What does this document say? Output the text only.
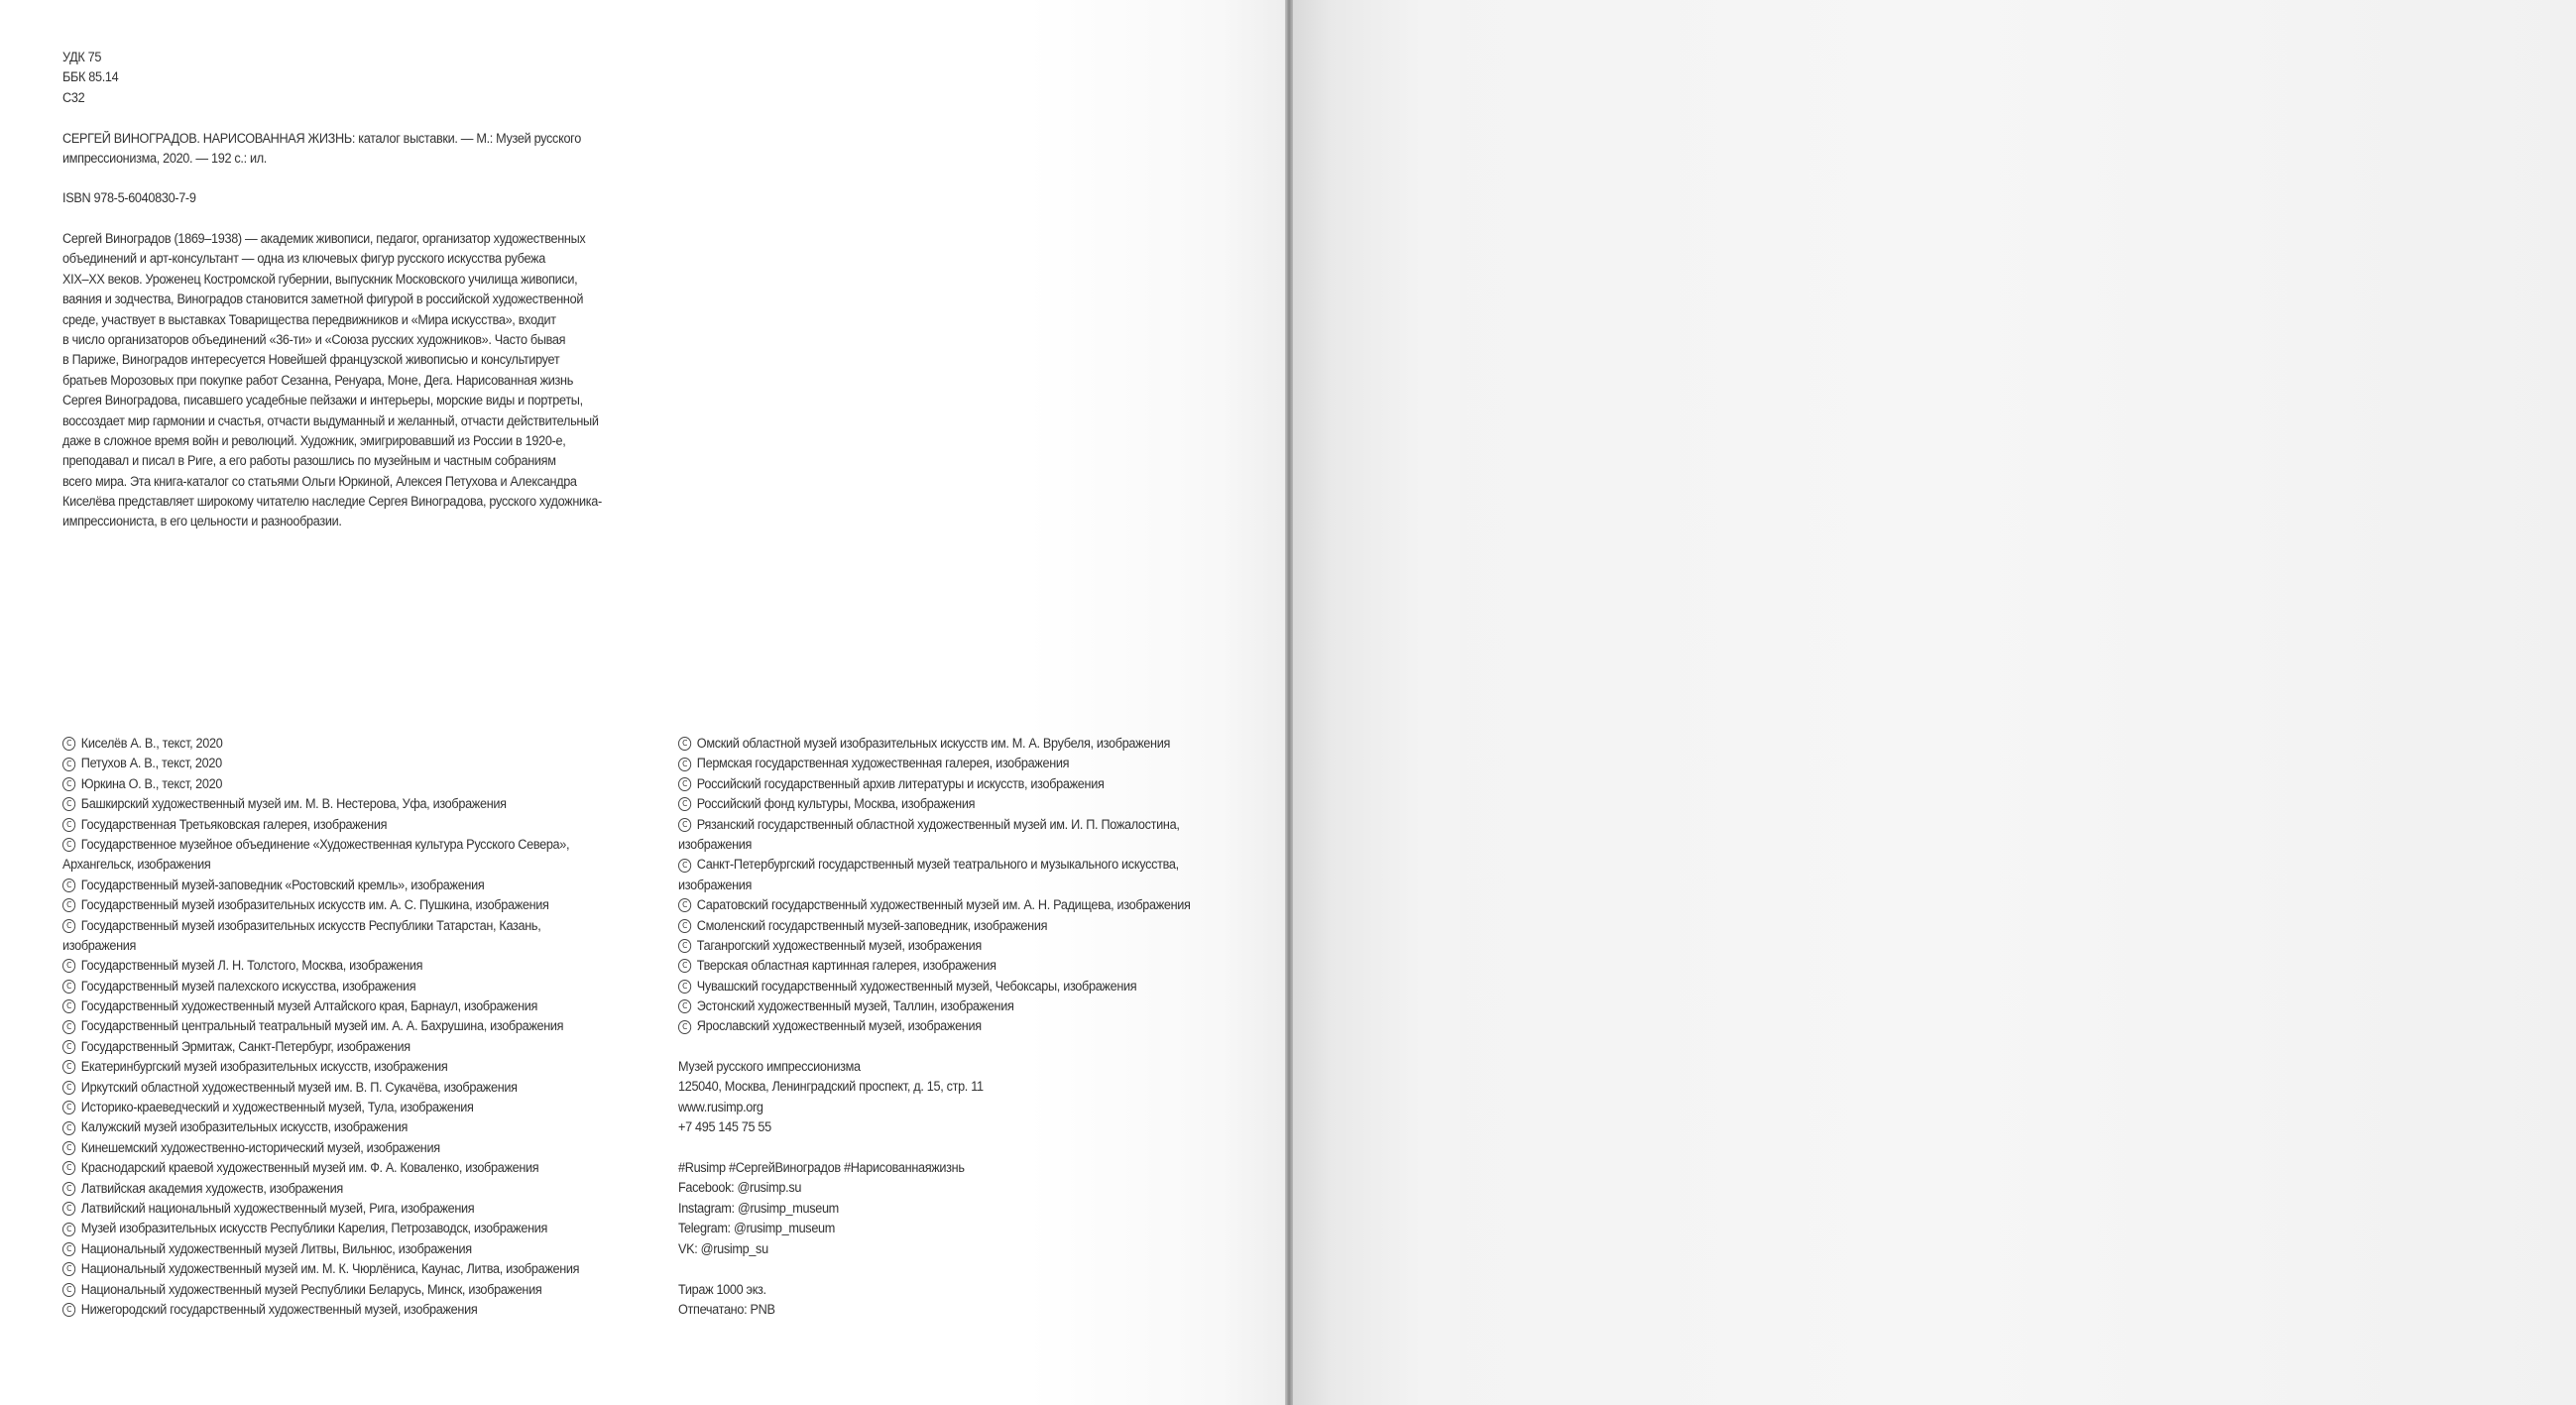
УДК 75
ББК 85.14
С32
СЕРГЕЙ ВИНОГРАДОВ. НАРИСОВАННАЯ ЖИЗНЬ: каталог выставки. — М.: Музей русского
импрессионизма, 2020. — 192 с.: ил.
ISBN 978-5-6040830-7-9
Сергей Виноградов (1869–1938) — академик живописи, педагог, организатор художественных
объединений и арт-консультант — одна из ключевых фигур русского искусства рубежа
XIX–XX веков. Уроженец Костромской губернии, выпускник Московского училища живописи,
ваяния и зодчества, Виноградов становится заметной фигурой в российской художественной
среде, участвует в выставках Товарищества передвижников и «Мира искусства», входит
в число организаторов объединений «36-ти» и «Союза русских художников». Часто бывая
в Париже, Виноградов интересуется Новейшей французской живописью и консультирует
братьев Морозовых при покупке работ Сезанна, Ренуара, Моне, Дега. Нарисованная жизнь
Сергея Виноградова, писавшего усадебные пейзажи и интерьеры, морские виды и портреты,
воссоздает мир гармонии и счастья, отчасти выдуманный и желанный, отчасти действительный
даже в сложное время войн и революций. Художник, эмигрировавший из России в 1920-е,
преподавал и писал в Риге, а его работы разошлись по музейным и частным собраниям
всего мира. Эта книга-каталог со статьями Ольги Юркиной, Алексея Петухова и Александра
Киселёва представляет широкому читателю наследие Сергея Виноградова, русского художника-
импрессиониста, в его цельности и разнообразии.
C Киселёв А. В., текст, 2020
C Петухов А. В., текст, 2020
C Юркина О. В., текст, 2020
C Башкирский художественный музей им. М. В. Нестерова, Уфа, изображения
C Государственная Третьяковская галерея, изображения
C Государственное музейное объединение «Художественная культура Русского Севера»,
Архангельск, изображения
C Государственный музей-заповедник «Ростовский кремль», изображения
C Государственный музей изобразительных искусств им. А. С. Пушкина, изображения
C Государственный музей изобразительных искусств Республики Татарстан, Казань,
изображения
C Государственный музей Л. Н. Толстого, Москва, изображения
C Государственный музей палехского искусства, изображения
C Государственный художественный музей Алтайского края, Барнаул, изображения
C Государственный центральный театральный музей им. А. А. Бахрушина, изображения
C Государственный Эрмитаж, Санкт-Петербург, изображения
C Екатеринбургский музей изобразительных искусств, изображения
C Иркутский областной художественный музей им. В. П. Сукачёва, изображения
C Историко-краеведческий и художественный музей, Тула, изображения
C Калужский музей изобразительных искусств, изображения
C Кинешемский художественно-исторический музей, изображения
C Краснодарский краевой художественный музей им. Ф. А. Коваленко, изображения
C Латвийская академия художеств, изображения
C Латвийский национальный художественный музей, Рига, изображения
C Музей изобразительных искусств Республики Карелия, Петрозаводск, изображения
C Национальный художественный музей Литвы, Вильнюс, изображения
C Национальный художественный музей им. М. К. Чюрлёниса, Каунас, Литва, изображения
C Национальный художественный музей Республики Беларусь, Минск, изображения
C Нижегородский государственный художественный музей, изображения
C Омский областной музей изобразительных искусств им. М. А. Врубеля, изображения
C Пермская государственная художественная галерея, изображения
C Российский государственный архив литературы и искусств, изображения
C Российский фонд культуры, Москва, изображения
C Рязанский государственный областной художественный музей им. И. П. Пожалостина,
изображения
C Санкт-Петербургский государственный музей театрального и музыкального искусства,
изображения
C Саратовский государственный художественный музей им. А. Н. Радищева, изображения
C Смоленский государственный музей-заповедник, изображения
C Таганрогский художественный музей, изображения
C Тверская областная картинная галерея, изображения
C Чувашский государственный художественный музей, Чебоксары, изображения
C Эстонский художественный музей, Таллин, изображения
C Ярославский художественный музей, изображения
Музей русского импрессионизма
125040, Москва, Ленинградский проспект, д. 15, стр. 11
www.rusimp.org
+7 495 145 75 55
#Rusimp #СергейВиноградов #Нарисованнаяжизнь
Facebook: @rusimp.su
Instagram: @rusimp_museum
Telegram: @rusimp_museum
VK: @rusimp_su
Тираж 1000 экз.
Отпечатано: PNB
